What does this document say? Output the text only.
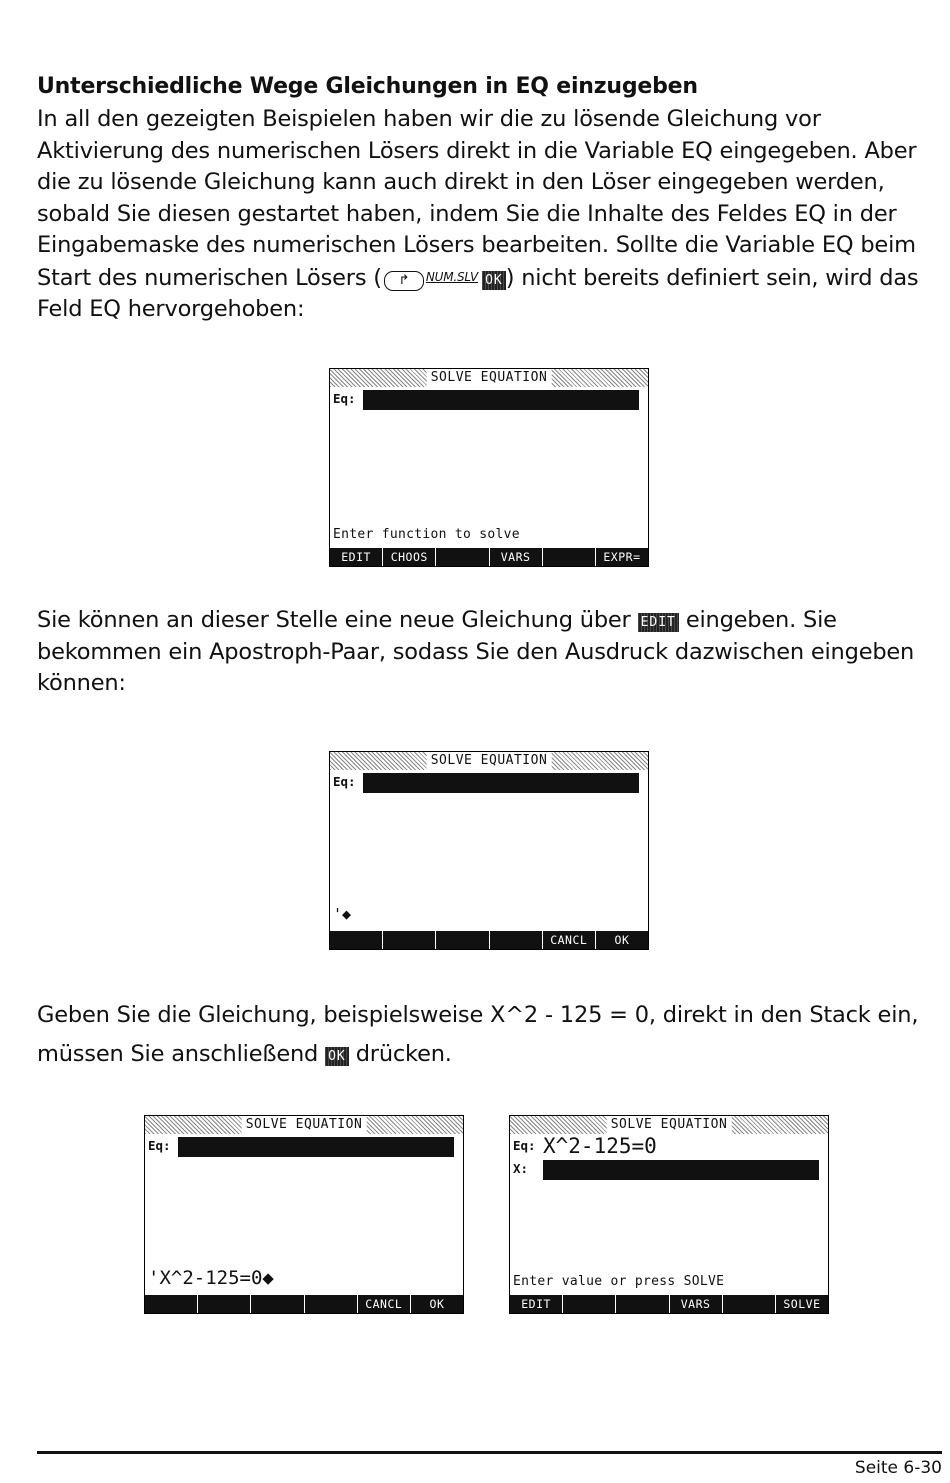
Unterschiedliche Wege Gleichungen in EQ einzugeben
In all den gezeigten Beispielen haben wir die zu lösende Gleichung vor Aktivierung des numerischen Lösers direkt in die Variable EQ eingegeben. Aber die zu lösende Gleichung kann auch direkt in den Löser eingegeben werden, sobald Sie diesen gestartet haben, indem Sie die Inhalte des Feldes EQ in der Eingabemaske des numerischen Lösers bearbeiten. Sollte die Variable EQ beim Start des numerischen Lösers ( ↱ NUM.SLV OK ) nicht bereits definiert sein, wird das Feld EQ hervorgehoben:
SOLVE EQUATION
Eq:
Enter function to solve
EDIT	CHOOS	VARS	EXPR=
Sie können an dieser Stelle eine neue Gleichung über EDIT eingeben. Sie bekommen ein Apostroph-Paar, sodass Sie den Ausdruck dazwischen eingeben können:
SOLVE EQUATION
Eq:
'◆
CANCL	OK
Geben Sie die Gleichung, beispielsweise X^2 - 125 = 0, direkt in den Stack ein, müssen Sie anschließend OK drücken.
SOLVE EQUATION
Eq:
'X^2-125=0◆
CANCL	OK
SOLVE EQUATION
Eq: X^2-125=0
X:
Enter value or press SOLVE
EDIT	VARS	SOLVE
Seite 6-30
